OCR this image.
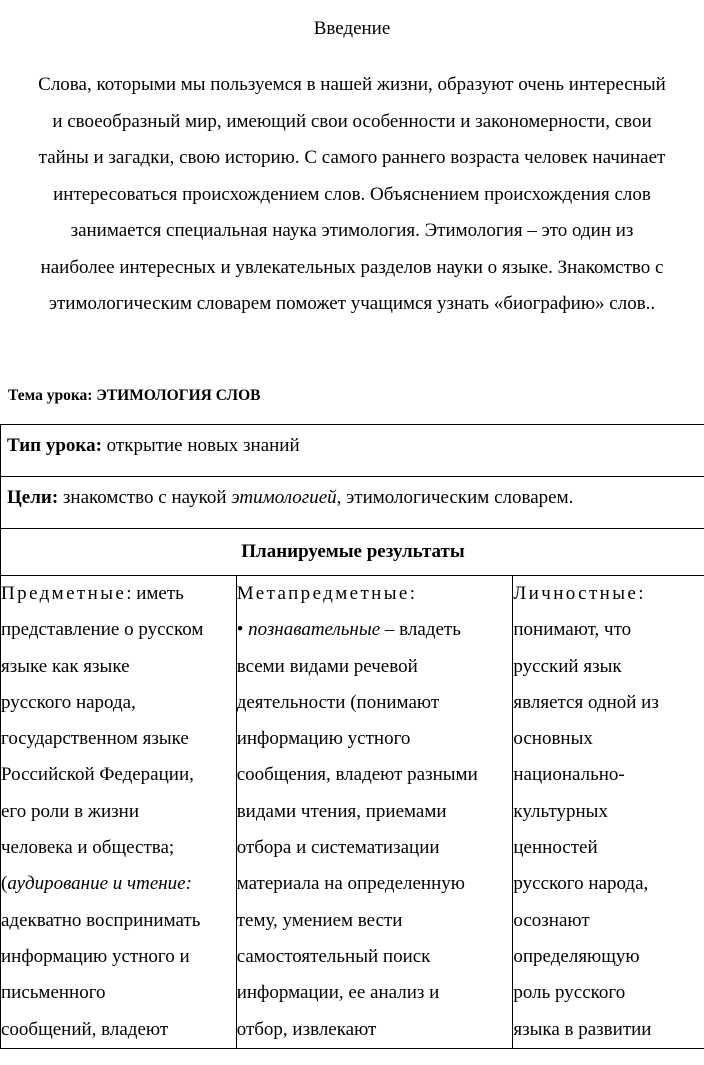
Введение
Слова, которыми мы пользуемся в нашей жизни, образуют очень интересный
и своеобразный мир, имеющий свои особенности и закономерности, свои
тайны и загадки, свою историю. С самого раннего возраста человек начинает
интересоваться происхождением слов. Объяснением происхождения слов
занимается специальная наука этимология. Этимология – это один из
наиболее интересных и увлекательных разделов науки о языке. Знакомство с
этимологическим словарем поможет учащимся узнать «биографию» слов..
Тема урока: ЭТИМОЛОГИЯ СЛОВ
Тип урока: открытие новых знаний

Цели: знакомство с наукой этимологией, этимологическим словарем.

Планируемые результаты

Предметные: иметь
представление о русском
языке как языке
русского народа,
государственном языке
Российской Федерации,
его роли в жизни
человека и общества;
(аудирование и чтение:
адекватно воспринимать
информацию устного и
письменного
сообщений, владеют

Метапредметные:
• познавательные – владеть
всеми видами речевой
деятельности (понимают
информацию устного
сообщения, владеют разными
видами чтения, приемами
отбора и систематизации
материала на определенную
тему, умением вести
самостоятельный поиск
информации, ее анализ и
отбор, извлекают

Личностные:
понимают, что
русский язык
является одной из
основных
национально-
культурных
ценностей
русского народа,
осознают
определяющую
роль русского
языка в развитии
